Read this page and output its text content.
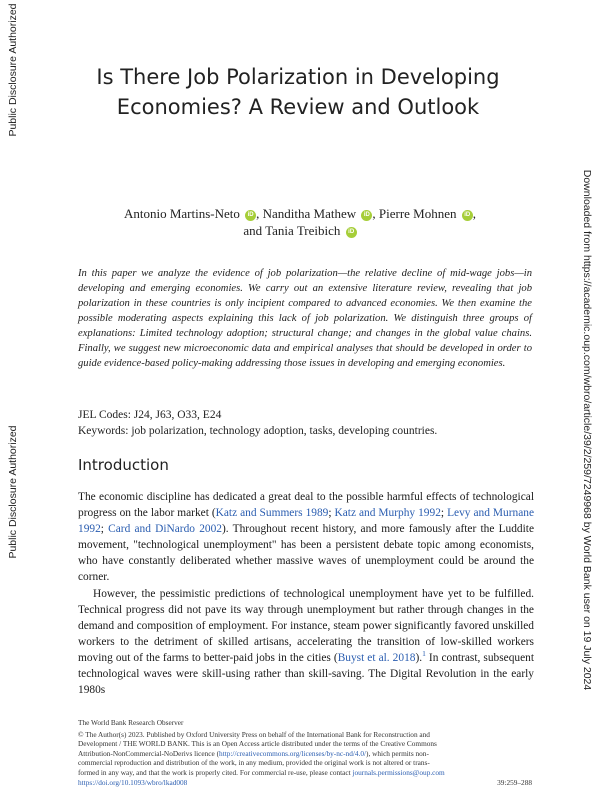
Public Disclosure Authorized
Public Disclosure Authorized	Downloaded from https://academic.oup.com/wbro/article/39/2/259/7249968 by World Bank user on 19 July 2024
Is There Job Polarization in Developing
Economies? A Review and Outlook
Antonio Martins-Neto iD , Nanditha Mathew iD , Pierre Mohnen iD ,
and Tania Treibich iD

In this paper we analyze the evidence of job polarization—the relative decline of mid-wage jobs—in developing and emerging economies. We carry out an extensive literature review, revealing that job polarization in these countries is only incipient compared to advanced economies. We then examine the possible moderating aspects explaining this lack of job polarization. We distinguish three groups of explanations: Limited technology adoption; structural change; and changes in the global value chains. Finally, we suggest new microeconomic data and empirical analyses that should be developed in order to guide evidence-based policy-making addressing those issues in developing and emerging economies.

JEL Codes: J24, J63, O33, E24
Keywords: job polarization, technology adoption, tasks, developing countries.
Introduction

The economic discipline has dedicated a great deal to the possible harmful effects of technological progress on the labor market (Katz and Summers 1989; Katz and Murphy 1992; Levy and Murnane 1992; Card and DiNardo 2002). Throughout recent history, and more famously after the Luddite movement, "technological unemployment" has been a persistent debate topic among economists, who have constantly deliberated whether massive waves of unemployment could be around the corner.

However, the pessimistic predictions of technological unemployment have yet to be fulfilled. Technical progress did not pave its way through unemployment but rather through changes in the demand and composition of employment. For instance, steam power significantly favored unskilled workers to the detriment of skilled artisans, accelerating the transition of low-skilled workers moving out of the farms to better-paid jobs in the cities (Buyst et al. 2018).$^1$ In contrast, subsequent technological waves were skill-using rather than skill-saving. The Digital Revolution in the early 1980s

The World Bank Research Observer
© The Author(s) 2023. Published by Oxford University Press on behalf of the International Bank for Reconstruction and
Development / THE WORLD BANK. This is an Open Access article distributed under the terms of the Creative Commons
Attribution-NonCommercial-NoDerivs licence (http://creativecommons.org/licenses/by-nc-nd/4.0/), which permits non-
commercial reproduction and distribution of the work, in any medium, provided the original work is not altered or trans-
formed in any way, and that the work is properly cited. For commercial re-use, please contact journals.permissions@oup.com
https://doi.org/10.1093/wbro/lkad008	39:259–288
